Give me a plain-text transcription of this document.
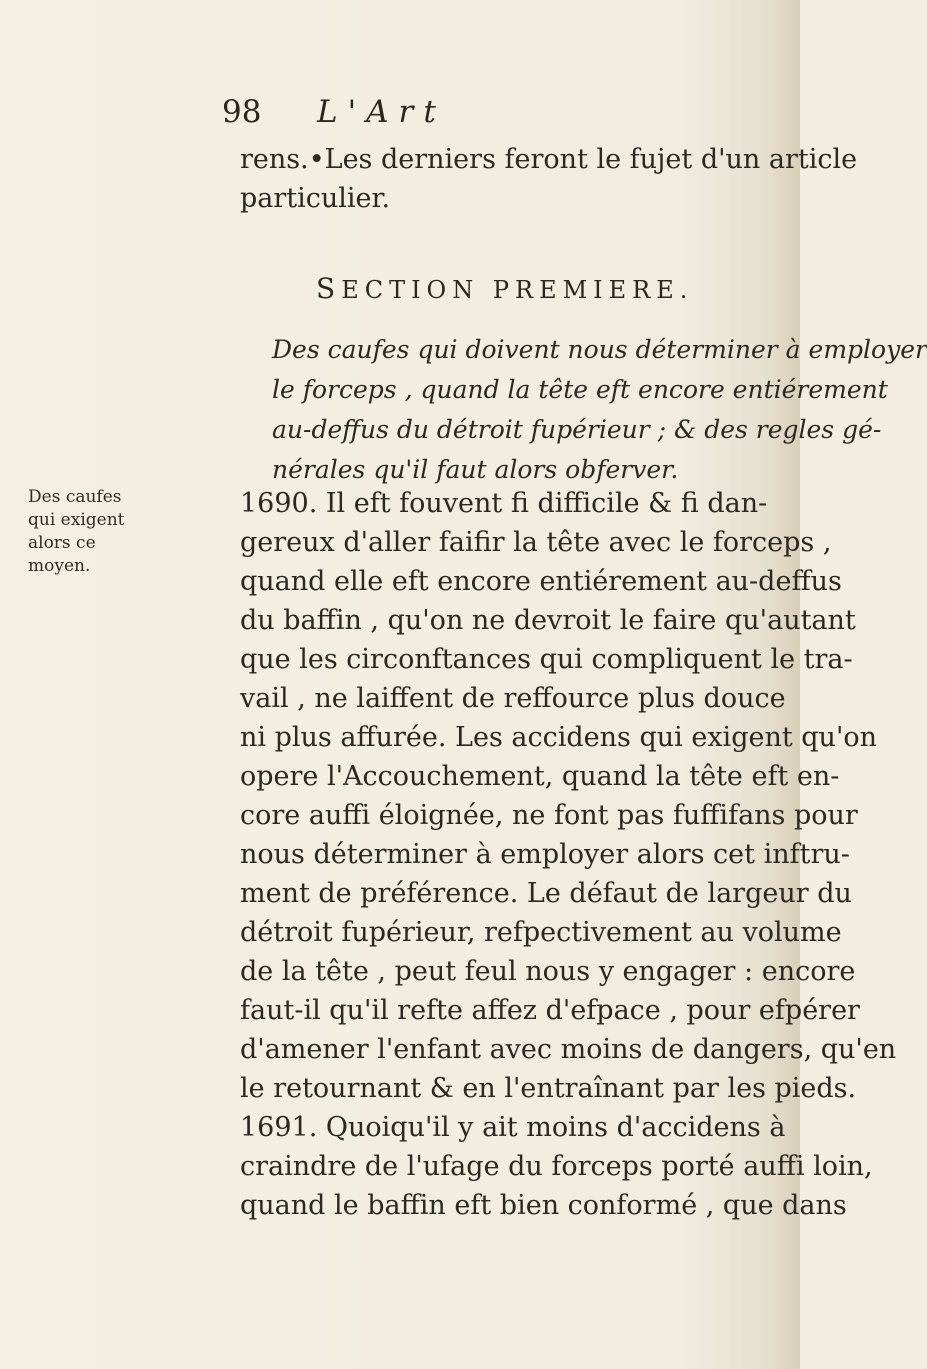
98 L'Art
rens.•Les derniers feront le fujet d'un article
particulier.
SECTION PREMIERE.
Des caufes qui doivent nous déterminer à employer
le forceps , quand la tête eft encore entiérement
au-deffus du détroit fupérieur ; & des regles gé-
nérales qu'il faut alors obferver.
Des caufes
qui exigent
alors ce
moyen.
1690. Il eft fouvent fi difficile & fi dan-
gereux d'aller faifir la tête avec le forceps ,
quand elle eft encore entiérement au-deffus
du baffin , qu'on ne devroit le faire qu'autant
que les circonftances qui compliquent le tra-
vail , ne laiffent de reffource plus douce
ni plus affurée. Les accidens qui exigent qu'on
opere l'Accouchement, quand la tête eft en-
core auffi éloignée, ne font pas fuffifans pour
nous déterminer à employer alors cet inftru-
ment de préférence. Le défaut de largeur du
détroit fupérieur, refpectivement au volume
de la tête , peut feul nous y engager : encore
faut-il qu'il refte affez d'efpace , pour efpérer
d'amener l'enfant avec moins de dangers, qu'en
le retournant & en l'entraînant par les pieds.
1691. Quoiqu'il y ait moins d'accidens à
craindre de l'ufage du forceps porté auffi loin,
quand le baffin eft bien conformé , que dans
